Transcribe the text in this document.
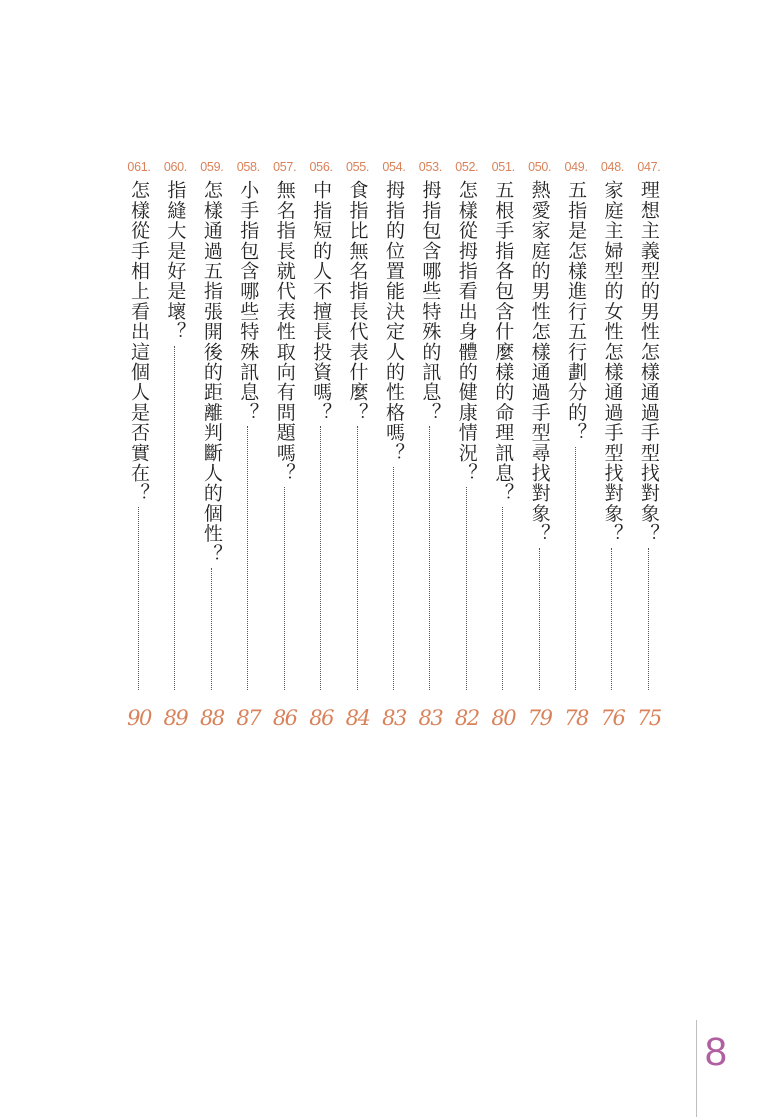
047.
理想主義型的男性怎樣通過手型找對象？
75
048.
家庭主婦型的女性怎樣通過手型找對象？
76
049.
五指是怎樣進行五行劃分的？
78
050.
熱愛家庭的男性怎樣通過手型尋找對象？
79
051.
五根手指各包含什麼樣的命理訊息？
80
052.
怎樣從拇指看出身體的健康情況？
82
053.
拇指包含哪些特殊的訊息？
83
054.
拇指的位置能決定人的性格嗎？
83
055.
食指比無名指長代表什麼？
84
056.
中指短的人不擅長投資嗎？
86
057.
無名指長就代表性取向有問題嗎？
86
058.
小手指包含哪些特殊訊息？
87
059.
怎樣通過五指張開後的距離判斷人的個性？
88
060.
指縫大是好是壞？
89
061.
怎樣從手相上看出這個人是否實在？
90
8
